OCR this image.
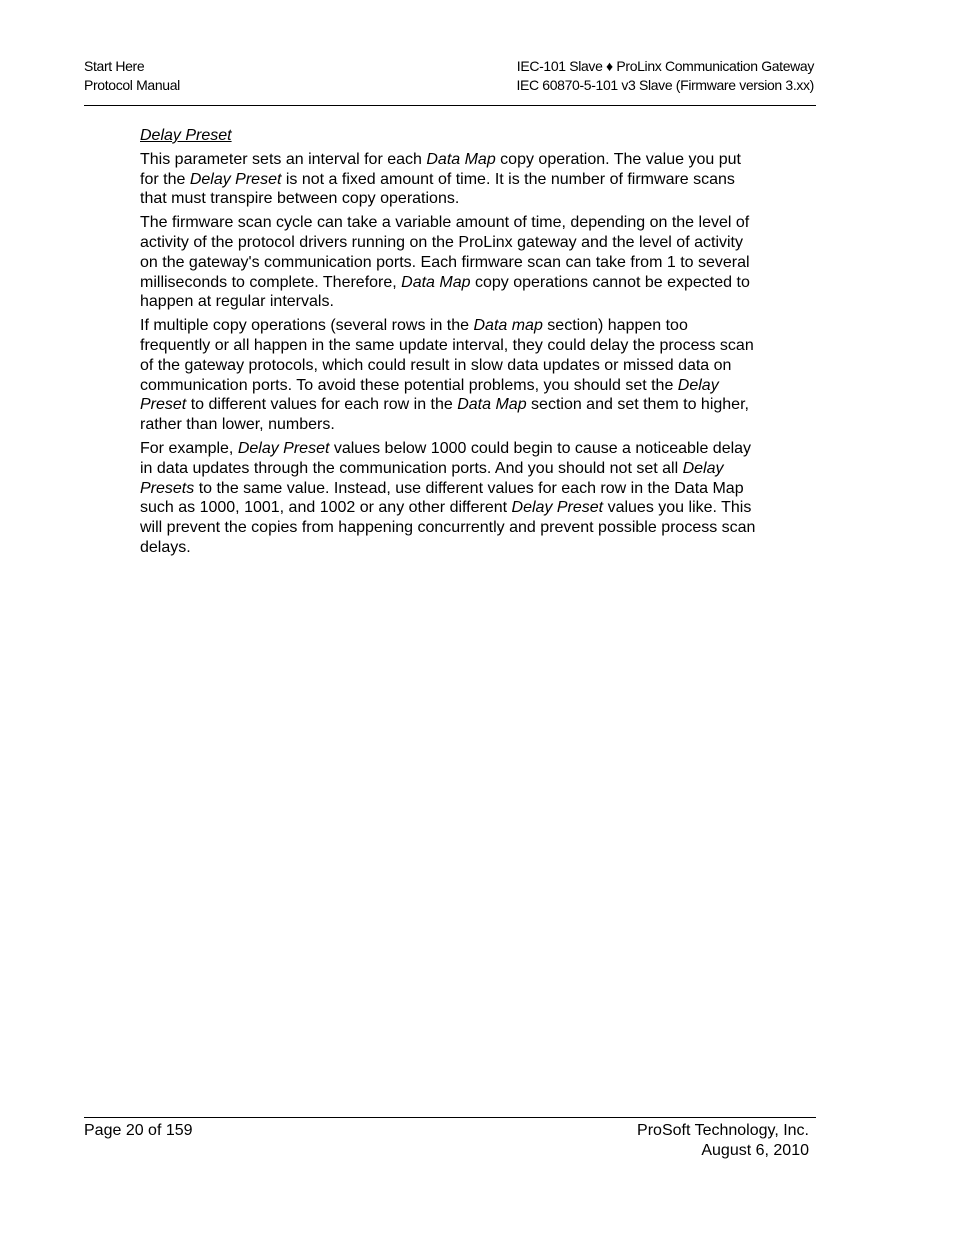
Start Here
Protocol Manual
IEC-101 Slave ♦ ProLinx Communication Gateway
IEC 60870-5-101 v3 Slave (Firmware version 3.xx)
Delay Preset

This parameter sets an interval for each Data Map copy operation. The value you put for the Delay Preset is not a fixed amount of time. It is the number of firmware scans that must transpire between copy operations.

The firmware scan cycle can take a variable amount of time, depending on the level of activity of the protocol drivers running on the ProLinx gateway and the level of activity on the gateway's communication ports. Each firmware scan can take from 1 to several milliseconds to complete. Therefore, Data Map copy operations cannot be expected to happen at regular intervals.

If multiple copy operations (several rows in the Data map section) happen too frequently or all happen in the same update interval, they could delay the process scan of the gateway protocols, which could result in slow data updates or missed data on communication ports. To avoid these potential problems, you should set the Delay Preset to different values for each row in the Data Map section and set them to higher, rather than lower, numbers.

For example, Delay Preset values below 1000 could begin to cause a noticeable delay in data updates through the communication ports. And you should not set all Delay Presets to the same value. Instead, use different values for each row in the Data Map such as 1000, 1001, and 1002 or any other different Delay Preset values you like. This will prevent the copies from happening concurrently and prevent possible process scan delays.

Page 20 of 159	ProSoft Technology, Inc.
August 6, 2010
